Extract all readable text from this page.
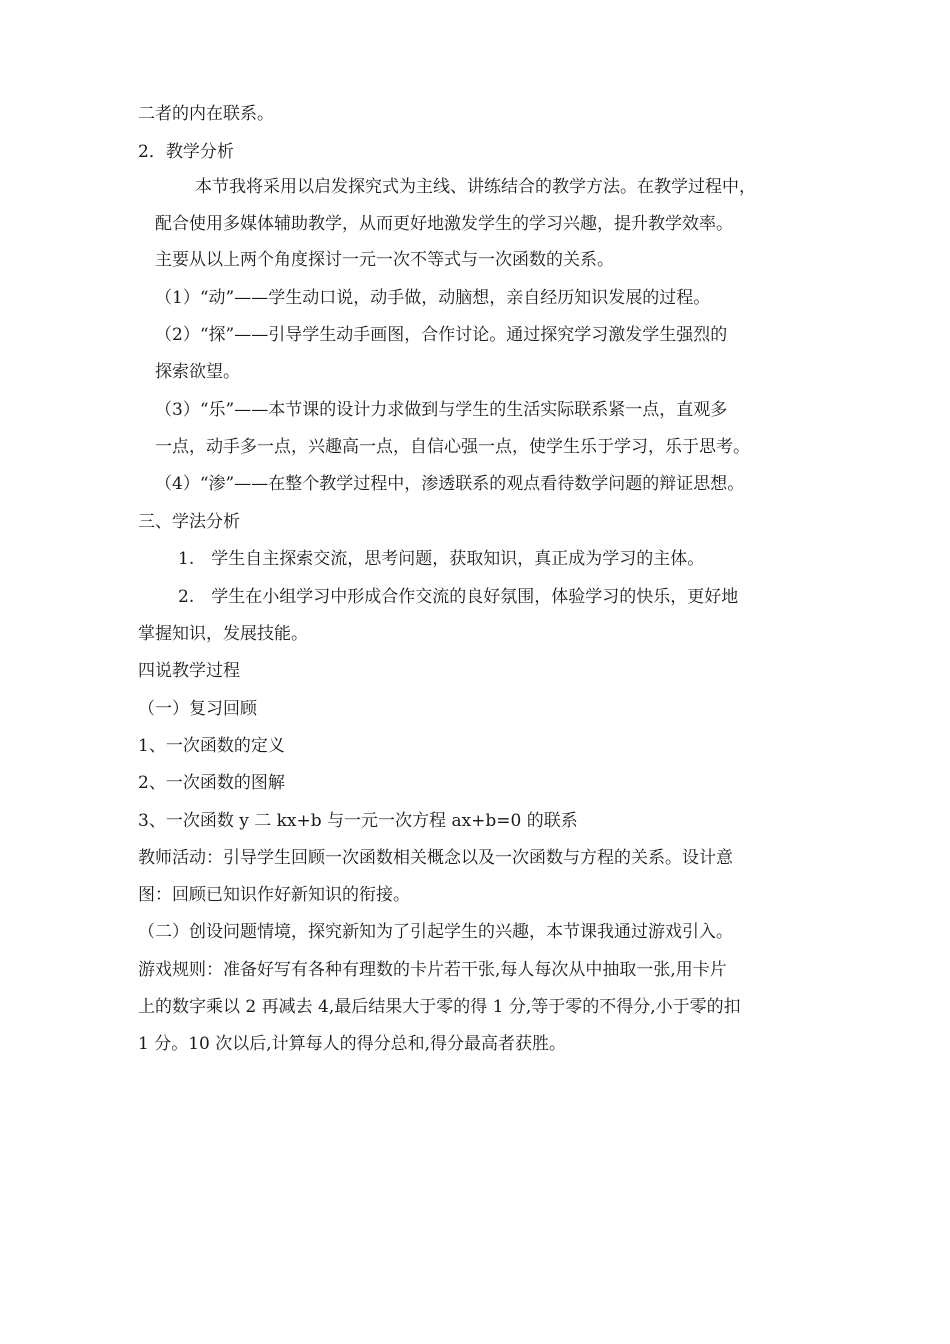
二者的内在联系。
2．教学分析
本节我将采用以启发探究式为主线、讲练结合的教学方法。在教学过程中，
配合使用多媒体辅助教学，从而更好地激发学生的学习兴趣，提升教学效率。
主要从以上两个角度探讨一元一次不等式与一次函数的关系。
（1）“动”——学生动口说，动手做，动脑想，亲自经历知识发展的过程。
（2）“探”——引导学生动手画图，合作讨论。通过探究学习激发学生强烈的
探索欲望。
（3）“乐”——本节课的设计力求做到与学生的生活实际联系紧一点，直观多
一点，动手多一点，兴趣高一点，自信心强一点，使学生乐于学习，乐于思考。
（4）“渗”——在整个教学过程中，渗透联系的观点看待数学问题的辩证思想。
三、学法分析
1.　学生自主探索交流，思考问题，获取知识，真正成为学习的主体。
2.　学生在小组学习中形成合作交流的良好氛围，体验学习的快乐，更好地
掌握知识，发展技能。
四说教学过程
（一）复习回顾
1、一次函数的定义
2、一次函数的图解
3、一次函数 y 二 kx+b 与一元一次方程 ax+b=0 的联系
教师活动：引导学生回顾一次函数相关概念以及一次函数与方程的关系。设计意
图：回顾已知识作好新知识的衔接。
（二）创设问题情境，探究新知为了引起学生的兴趣，本节课我通过游戏引入。
游戏规则：准备好写有各种有理数的卡片若干张,每人每次从中抽取一张,用卡片
上的数字乘以 2 再减去 4,最后结果大于零的得 1 分,等于零的不得分,小于零的扣
1 分。10 次以后,计算每人的得分总和,得分最高者获胜。
